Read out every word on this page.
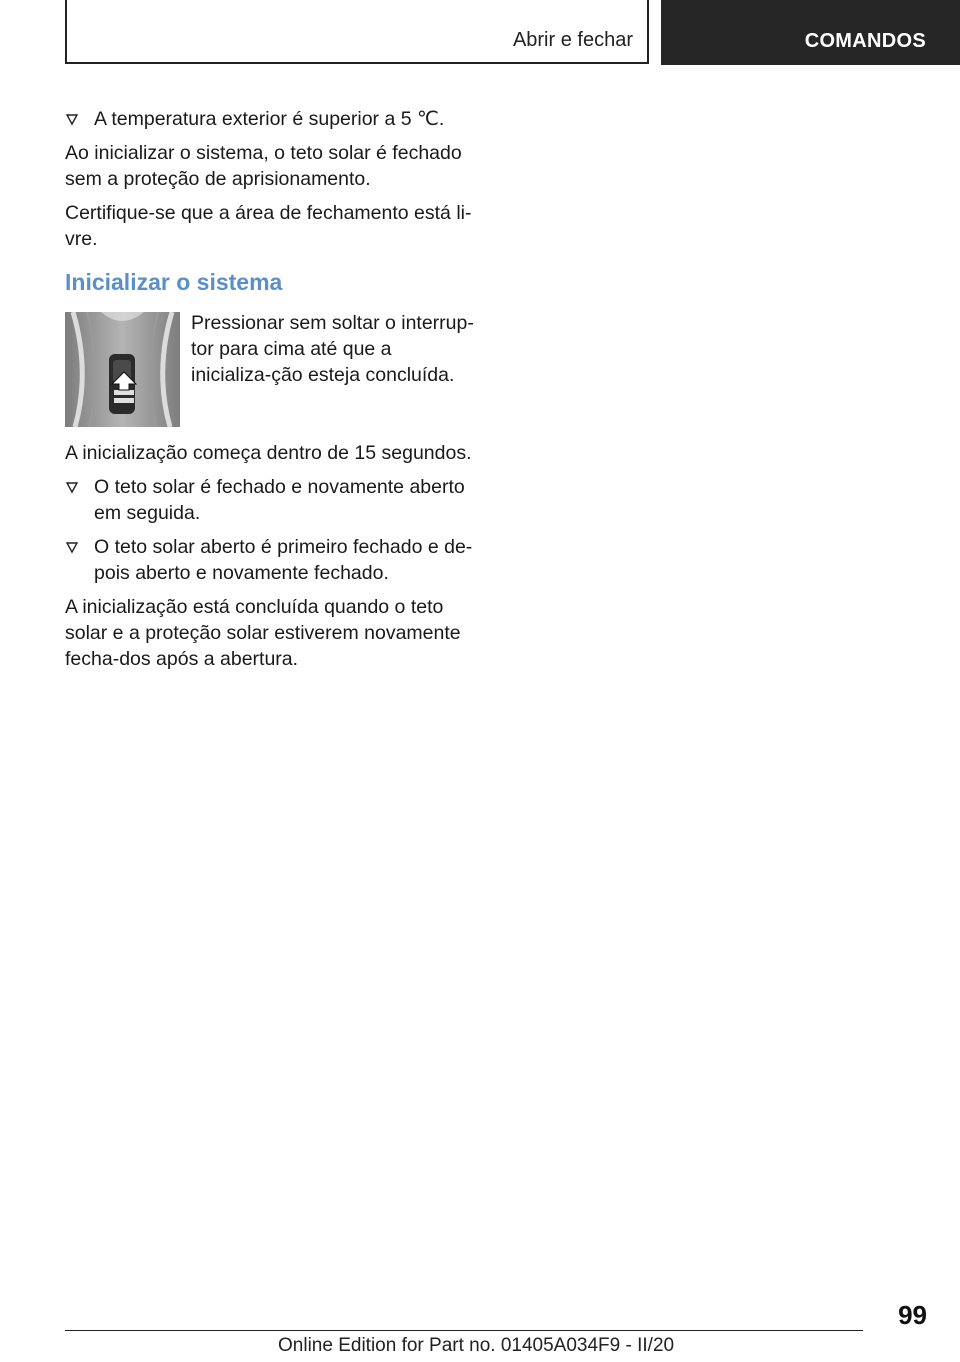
Abrir e fechar	COMANDOS

A temperatura exterior é superior a 5 ℃.

Ao inicializar o sistema, o teto solar é fechado sem a proteção de aprisionamento.

Certifique-se que a área de fechamento está li-vre.

Inicializar o sistema

Pressionar sem soltar o interrup-tor para cima até que a inicializa-ção esteja concluída.

A inicialização começa dentro de 15 segundos.

O teto solar é fechado e novamente aberto em seguida.

O teto solar aberto é primeiro fechado e de-pois aberto e novamente fechado.

A inicialização está concluída quando o teto solar e a proteção solar estiverem novamente fecha-dos após a abertura.

99
Online Edition for Part no. 01405A034F9 - II/20
